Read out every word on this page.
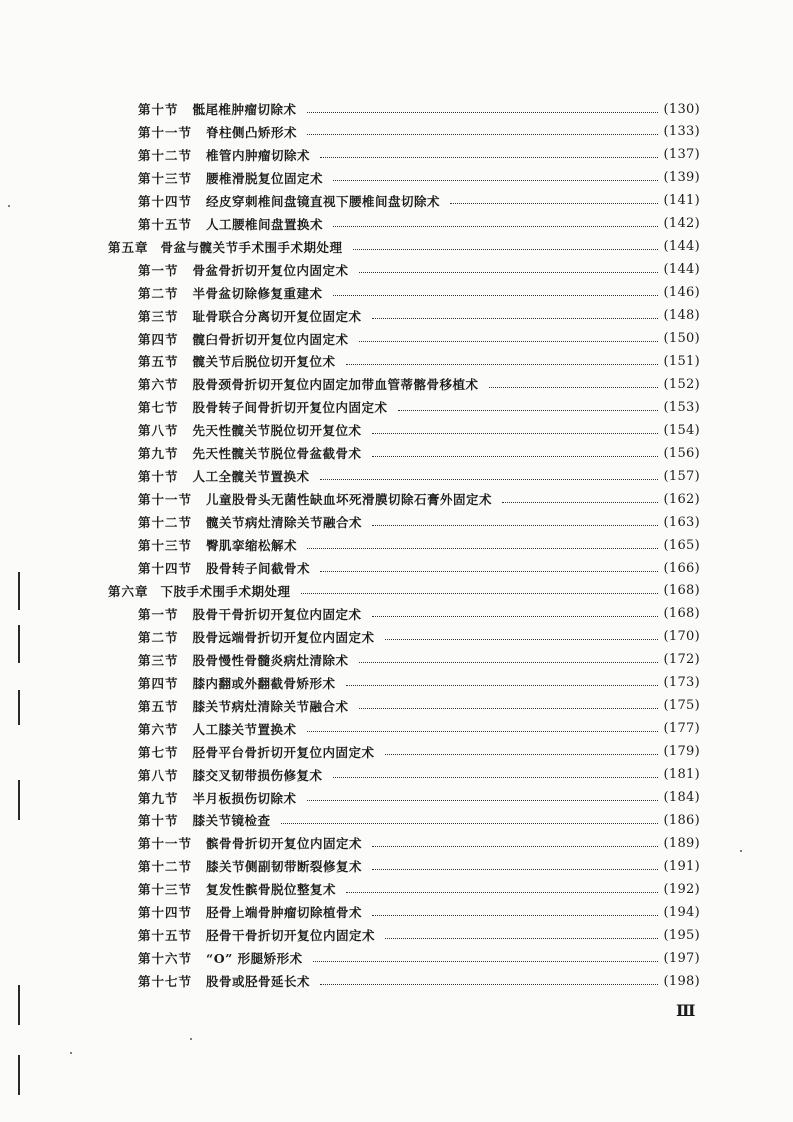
第十节 骶尾椎肿瘤切除术	(130)
第十一节 脊柱侧凸矫形术	(133)
第十二节 椎管内肿瘤切除术	(137)
第十三节 腰椎滑脱复位固定术	(139)
第十四节 经皮穿刺椎间盘镜直视下腰椎间盘切除术	(141)
第十五节 人工腰椎间盘置换术	(142)
第五章 骨盆与髋关节手术围手术期处理	(144)
第一节 骨盆骨折切开复位内固定术	(144)
第二节 半骨盆切除修复重建术	(146)
第三节 耻骨联合分离切开复位固定术	(148)
第四节 髋臼骨折切开复位内固定术	(150)
第五节 髋关节后脱位切开复位术	(151)
第六节 股骨颈骨折切开复位内固定加带血管蒂髂骨移植术	(152)
第七节 股骨转子间骨折切开复位内固定术	(153)
第八节 先天性髋关节脱位切开复位术	(154)
第九节 先天性髋关节脱位骨盆截骨术	(156)
第十节 人工全髋关节置换术	(157)
第十一节 儿童股骨头无菌性缺血坏死滑膜切除石膏外固定术	(162)
第十二节 髋关节病灶清除关节融合术	(163)
第十三节 臀肌挛缩松解术	(165)
第十四节 股骨转子间截骨术	(166)
第六章 下肢手术围手术期处理	(168)
第一节 股骨干骨折切开复位内固定术	(168)
第二节 股骨远端骨折切开复位内固定术	(170)
第三节 股骨慢性骨髓炎病灶清除术	(172)
第四节 膝内翻或外翻截骨矫形术	(173)
第五节 膝关节病灶清除关节融合术	(175)
第六节 人工膝关节置换术	(177)
第七节 胫骨平台骨折切开复位内固定术	(179)
第八节 膝交叉韧带损伤修复术	(181)
第九节 半月板损伤切除术	(184)
第十节 膝关节镜检查	(186)
第十一节 髌骨骨折切开复位内固定术	(189)
第十二节 膝关节侧副韧带断裂修复术	(191)
第十三节 复发性髌骨脱位整复术	(192)
第十四节 胫骨上端骨肿瘤切除植骨术	(194)
第十五节 胫骨干骨折切开复位内固定术	(195)
第十六节 “O” 形腿矫形术	(197)
第十七节 股骨或胫骨延长术	(198)
Ⅲ
